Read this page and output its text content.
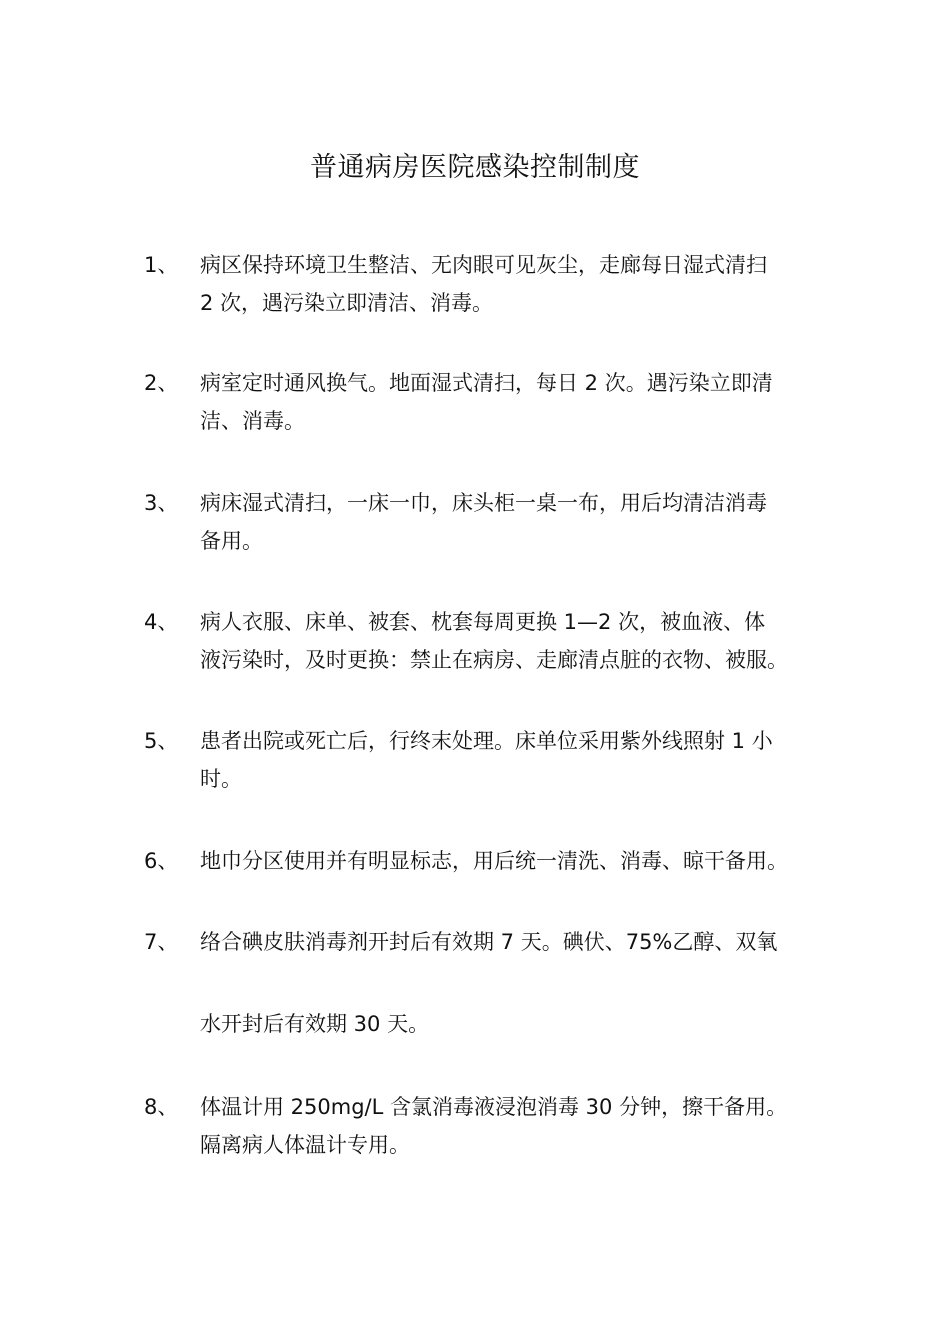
普通病房医院感染控制制度
1、 病区保持环境卫生整洁、无肉眼可见灰尘，走廊每日湿式清扫
2 次，遇污染立即清洁、消毒。
2、 病室定时通风换气。地面湿式清扫，每日 2 次。遇污染立即清
洁、消毒。
3、 病床湿式清扫，一床一巾，床头柜一桌一布，用后均清洁消毒
备用。
4、 病人衣服、床单、被套、枕套每周更换 1—2 次，被血液、体
液污染时，及时更换：禁止在病房、走廊清点脏的衣物、被服。
5、 患者出院或死亡后，行终末处理。床单位采用紫外线照射 1 小
时。
6、 地巾分区使用并有明显标志，用后统一清洗、消毒、晾干备用。
7、 络合碘皮肤消毒剂开封后有效期 7 天。碘伏、75%乙醇、双氧
水开封后有效期 30 天。
8、 体温计用 250mg/L 含氯消毒液浸泡消毒 30 分钟，擦干备用。
隔离病人体温计专用。
